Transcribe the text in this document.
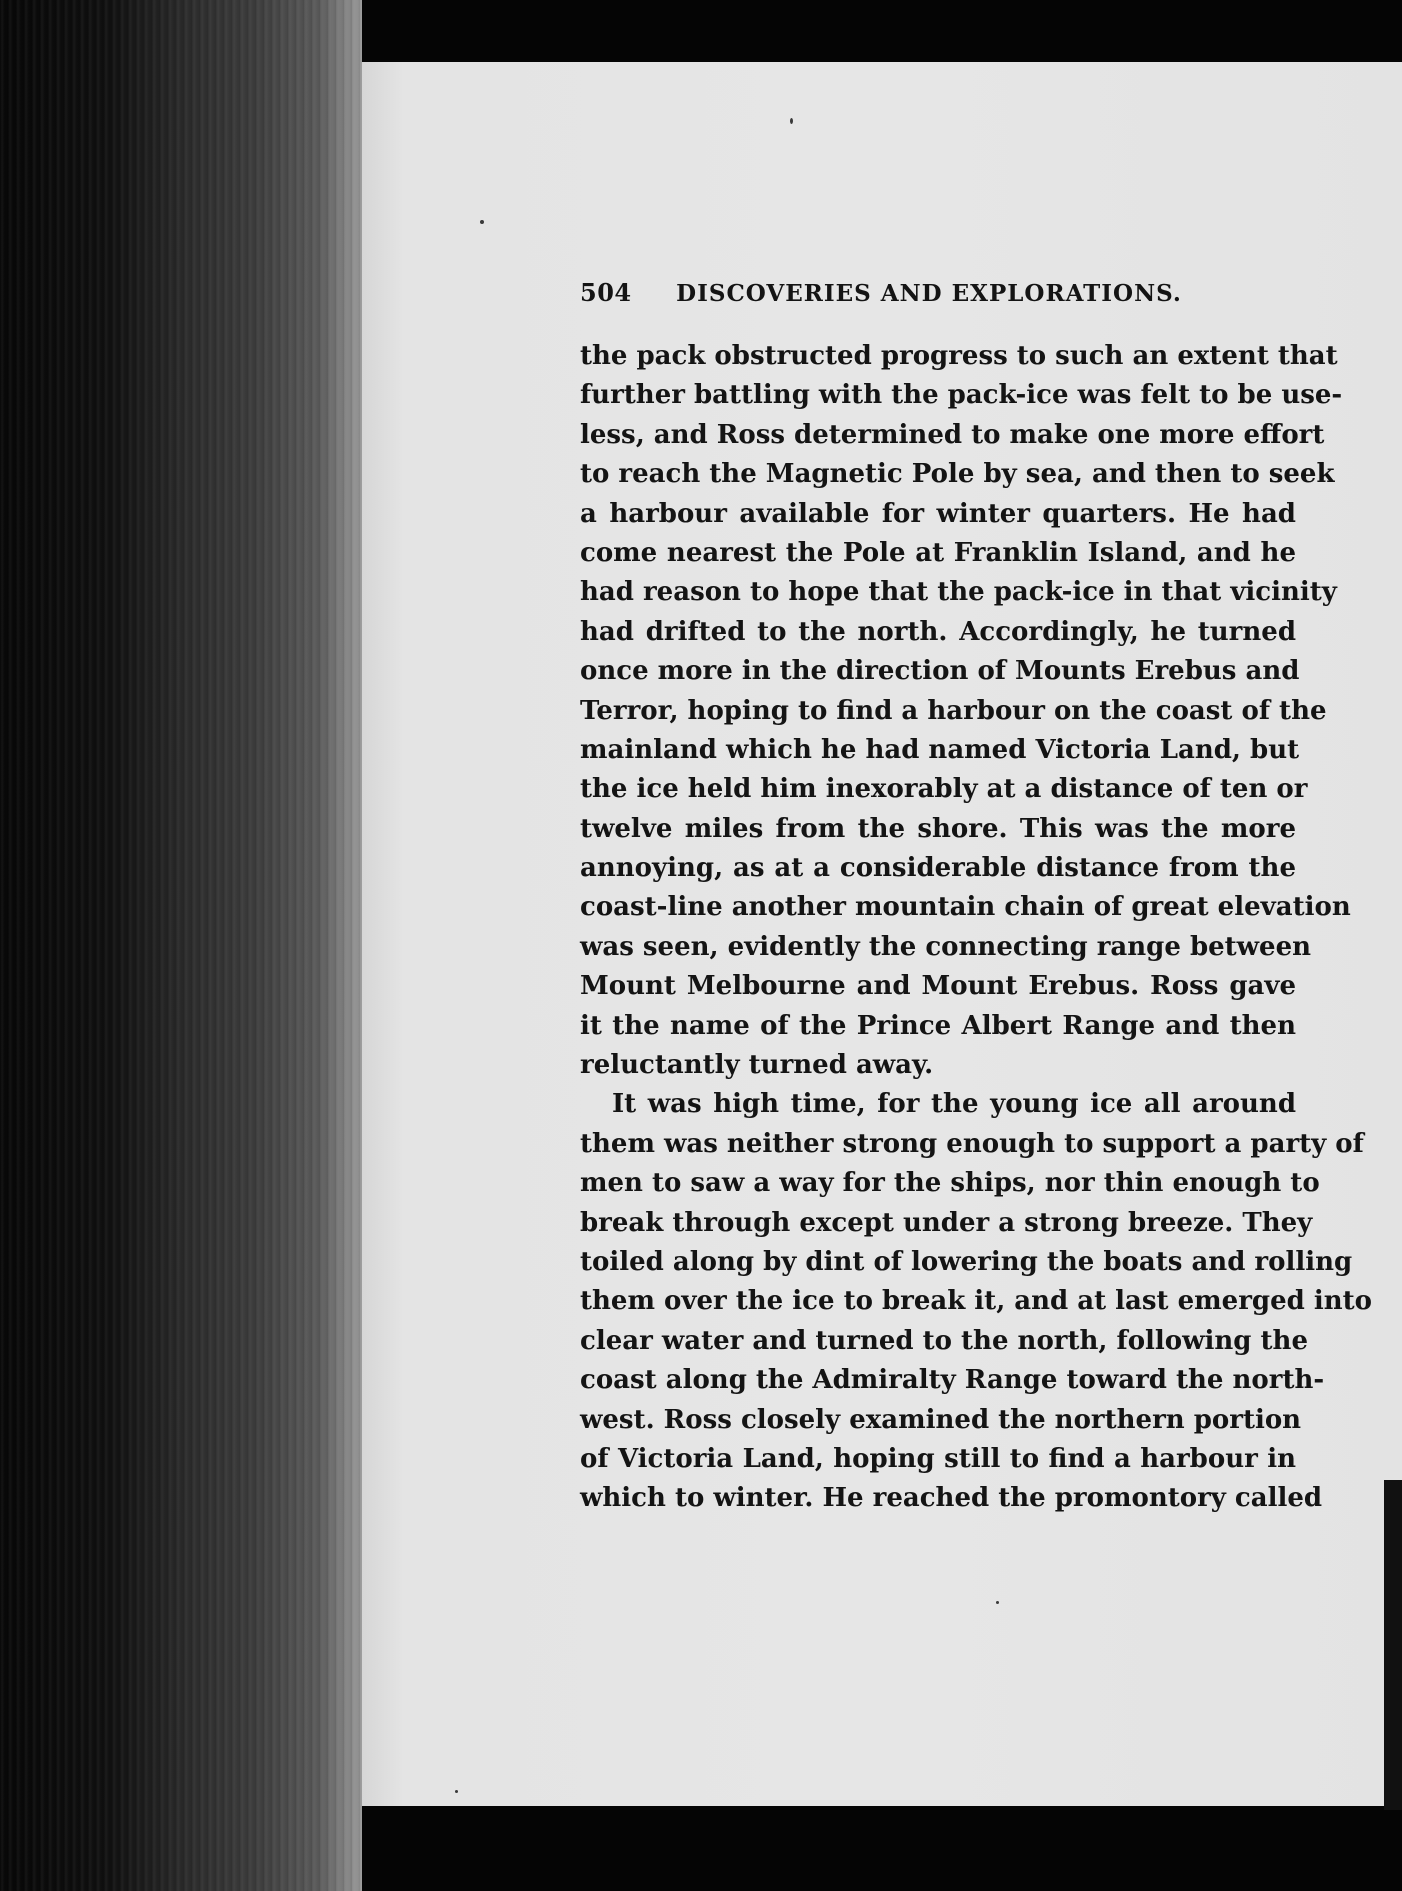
504 DISCOVERIES AND EXPLORATIONS.
the pack obstructed progress to such an extent that
further battling with the pack-ice was felt to be use-
less, and Ross determined to make one more effort
to reach the Magnetic Pole by sea, and then to seek
a harbour available for winter quarters. He had
come nearest the Pole at Franklin Island, and he
had reason to hope that the pack-ice in that vicinity
had drifted to the north. Accordingly, he turned
once more in the direction of Mounts Erebus and
Terror, hoping to find a harbour on the coast of the
mainland which he had named Victoria Land, but
the ice held him inexorably at a distance of ten or
twelve miles from the shore. This was the more
annoying, as at a considerable distance from the
coast-line another mountain chain of great elevation
was seen, evidently the connecting range between
Mount Melbourne and Mount Erebus. Ross gave
it the name of the Prince Albert Range and then
reluctantly turned away.
It was high time, for the young ice all around
them was neither strong enough to support a party of
men to saw a way for the ships, nor thin enough to
break through except under a strong breeze. They
toiled along by dint of lowering the boats and rolling
them over the ice to break it, and at last emerged into
clear water and turned to the north, following the
coast along the Admiralty Range toward the north-
west. Ross closely examined the northern portion
of Victoria Land, hoping still to find a harbour in
which to winter. He reached the promontory called
